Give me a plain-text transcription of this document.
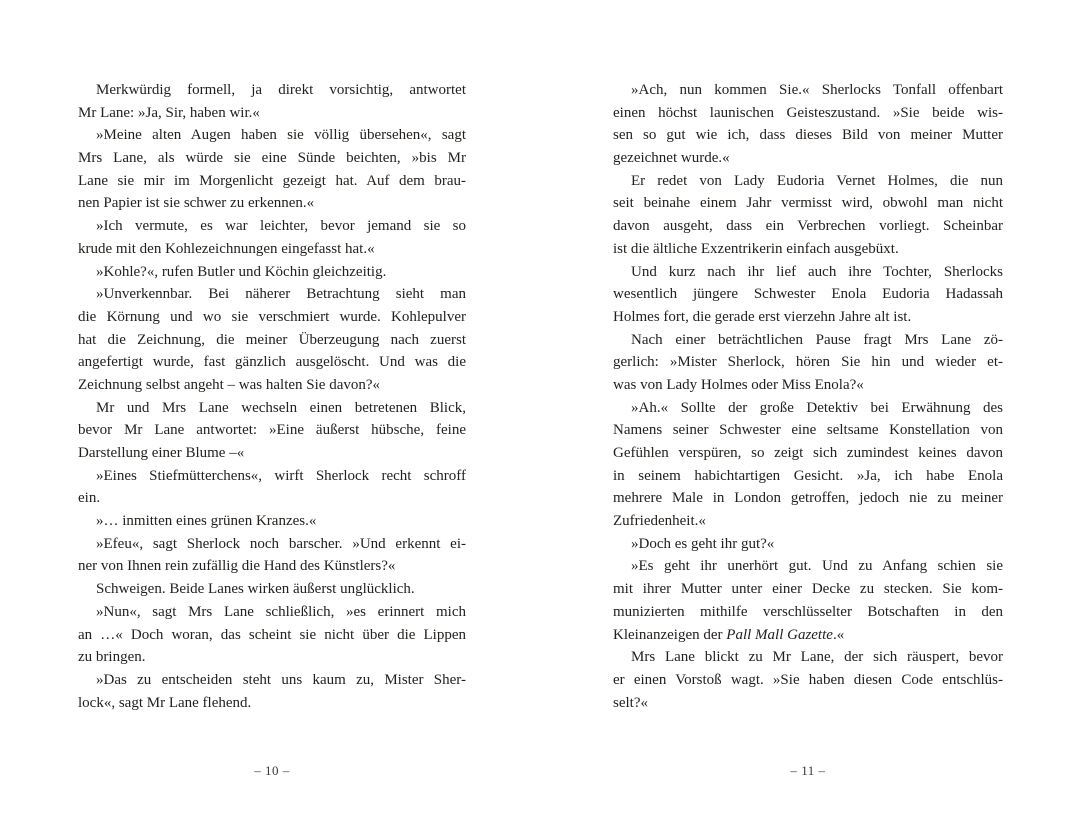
Merkwürdig formell, ja direkt vorsichtig, antwortet
Mr Lane: »Ja, Sir, haben wir.«
»Meine alten Augen haben sie völlig übersehen«, sagt
Mrs Lane, als würde sie eine Sünde beichten, »bis Mr
Lane sie mir im Morgenlicht gezeigt hat. Auf dem brau-
nen Papier ist sie schwer zu erkennen.«
»Ich vermute, es war leichter, bevor jemand sie so
krude mit den Kohlezeichnungen eingefasst hat.«
»Kohle?«, rufen Butler und Köchin gleichzeitig.
»Unverkennbar. Bei näherer Betrachtung sieht man
die Körnung und wo sie verschmiert wurde. Kohlepulver
hat die Zeichnung, die meiner Überzeugung nach zuerst
angefertigt wurde, fast gänzlich ausgelöscht. Und was die
Zeichnung selbst angeht – was halten Sie davon?«
Mr und Mrs Lane wechseln einen betretenen Blick,
bevor Mr Lane antwortet: »Eine äußerst hübsche, feine
Darstellung einer Blume –«
»Eines Stiefmütterchens«, wirft Sherlock recht schroff
ein.
»… inmitten eines grünen Kranzes.«
»Efeu«, sagt Sherlock noch barscher. »Und erkennt ei-
ner von Ihnen rein zufällig die Hand des Künstlers?«
Schweigen. Beide Lanes wirken äußerst unglücklich.
»Nun«, sagt Mrs Lane schließlich, »es erinnert mich
an …« Doch woran, das scheint sie nicht über die Lippen
zu bringen.
»Das zu entscheiden steht uns kaum zu, Mister Sher-
lock«, sagt Mr Lane flehend.
»Ach, nun kommen Sie.« Sherlocks Tonfall offenbart
einen höchst launischen Geisteszustand. »Sie beide wis-
sen so gut wie ich, dass dieses Bild von meiner Mutter
gezeichnet wurde.«
Er redet von Lady Eudoria Vernet Holmes, die nun
seit beinahe einem Jahr vermisst wird, obwohl man nicht
davon ausgeht, dass ein Verbrechen vorliegt. Scheinbar
ist die ältliche Exzentrikerin einfach ausgebüxt.
Und kurz nach ihr lief auch ihre Tochter, Sherlocks
wesentlich jüngere Schwester Enola Eudoria Hadassah
Holmes fort, die gerade erst vierzehn Jahre alt ist.
Nach einer beträchtlichen Pause fragt Mrs Lane zö-
gerlich: »Mister Sherlock, hören Sie hin und wieder et-
was von Lady Holmes oder Miss Enola?«
»Ah.« Sollte der große Detektiv bei Erwähnung des
Namens seiner Schwester eine seltsame Konstellation von
Gefühlen verspüren, so zeigt sich zumindest keines davon
in seinem habichtartigen Gesicht. »Ja, ich habe Enola
mehrere Male in London getroffen, jedoch nie zu meiner
Zufriedenheit.«
»Doch es geht ihr gut?«
»Es geht ihr unerhört gut. Und zu Anfang schien sie
mit ihrer Mutter unter einer Decke zu stecken. Sie kom-
munizierten mithilfe verschlüsselter Botschaften in den
Kleinanzeigen der Pall Mall Gazette.«
Mrs Lane blickt zu Mr Lane, der sich räuspert, bevor
er einen Vorstoß wagt. »Sie haben diesen Code entschlüs-
selt?«
– 10 –	– 11 –
